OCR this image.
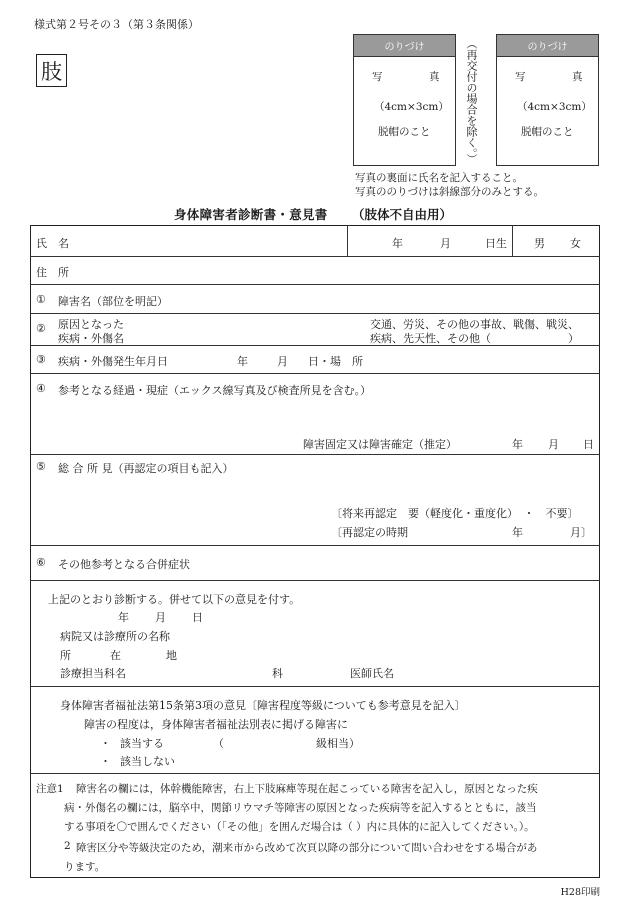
様式第２号その３（第３条関係）
肢
のりづけ
写	真
（4cm×3cm）
脱帽のこと	（再交付の場合を除く。）	のりづけ
写	真
（4cm×3cm）
脱帽のこと
写真の裏面に氏名を記入すること。
写真ののりづけは斜線部分のみとする。
身体障害者診断書・意見書 （肢体不自由用）
氏　名	年	月	日生 男 女
住　所
① 障害名（部位を明記）
② 原因となった
疾病・外傷名
交通、労災、その他の事故、戦傷、戦災、
疾病、先天性、その他（　　　　　　　）
③ 疾病・外傷発生年月日	年	月 日・場　所
④ 参考となる経過・現症（エックス線写真及び検査所見を含む。）
障害固定又は障害確定（推定）	年 月 日
⑤ 総 合 所 見（再認定の項目も記入）
〔将来再認定　要（軽度化・重度化）　・　不要〕
〔再認定の時期	年	月〕
⑥ その他参考となる合併症状
上記のとおり診断する。併せて以下の意見を付す。
年 月 日
病院又は診療所の名称
所	在	地
診療担当科名	科	医師氏名
身体障害者福祉法第15条第3項の意見〔障害程度等級についても参考意見を記入〕
障害の程度は，身体障害者福祉法別表に掲げる障害に
・ 該当する	（	級相当）
・ 該当しない
注意1 障害名の欄には，体幹機能障害，右上下肢麻痺等現在起こっている障害を記入し，原因となった疾
病・外傷名の欄には，脳卒中，関節リウマチ等障害の原因となった疾病等を記入するとともに，該当
する事項を〇で囲んでください（「その他」を囲んだ場合は（ ）内に具体的に記入してください。）。
2 障害区分や等級決定のため，潮来市から改めて次頁以降の部分について問い合わせをする場合があ
ります。
H28印刷
